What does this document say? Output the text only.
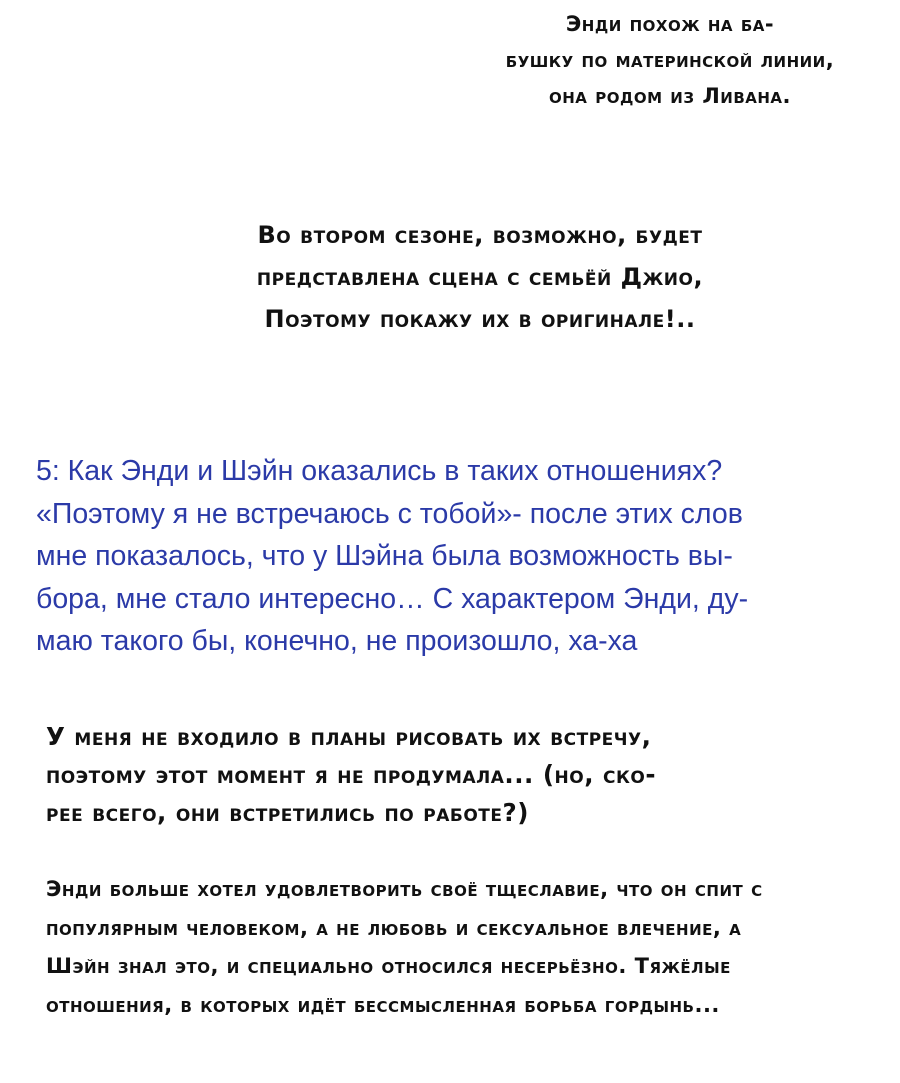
Энди похож на ба-
бушку по материнской линии,
она родом из Ливана.
Во втором сезоне, возможно, будет
представлена сцена с семьёй Джио,
Поэтому покажу их в оригинале!..
5: Как Энди и Шэйн оказались в таких отношениях?
«Поэтому я не встречаюсь с тобой»- после этих слов
мне показалось, что у Шэйна была возможность вы-
бора, мне стало интересно… С характером Энди, ду-
маю такого бы, конечно, не произошло, ха-ха
У меня не входило в планы рисовать их встречу,
поэтому этот момент я не продумала... (но, ско-
рее всего, они встретились по работе?)
Энди больше хотел удовлетворить своё тщеславие, что он спит с
популярным человеком, а не любовь и сексуальное влечение, а
Шэйн знал это, и специально относился несерьёзно. Тяжёлые
отношения, в которых идёт бессмысленная борьба гордынь...
